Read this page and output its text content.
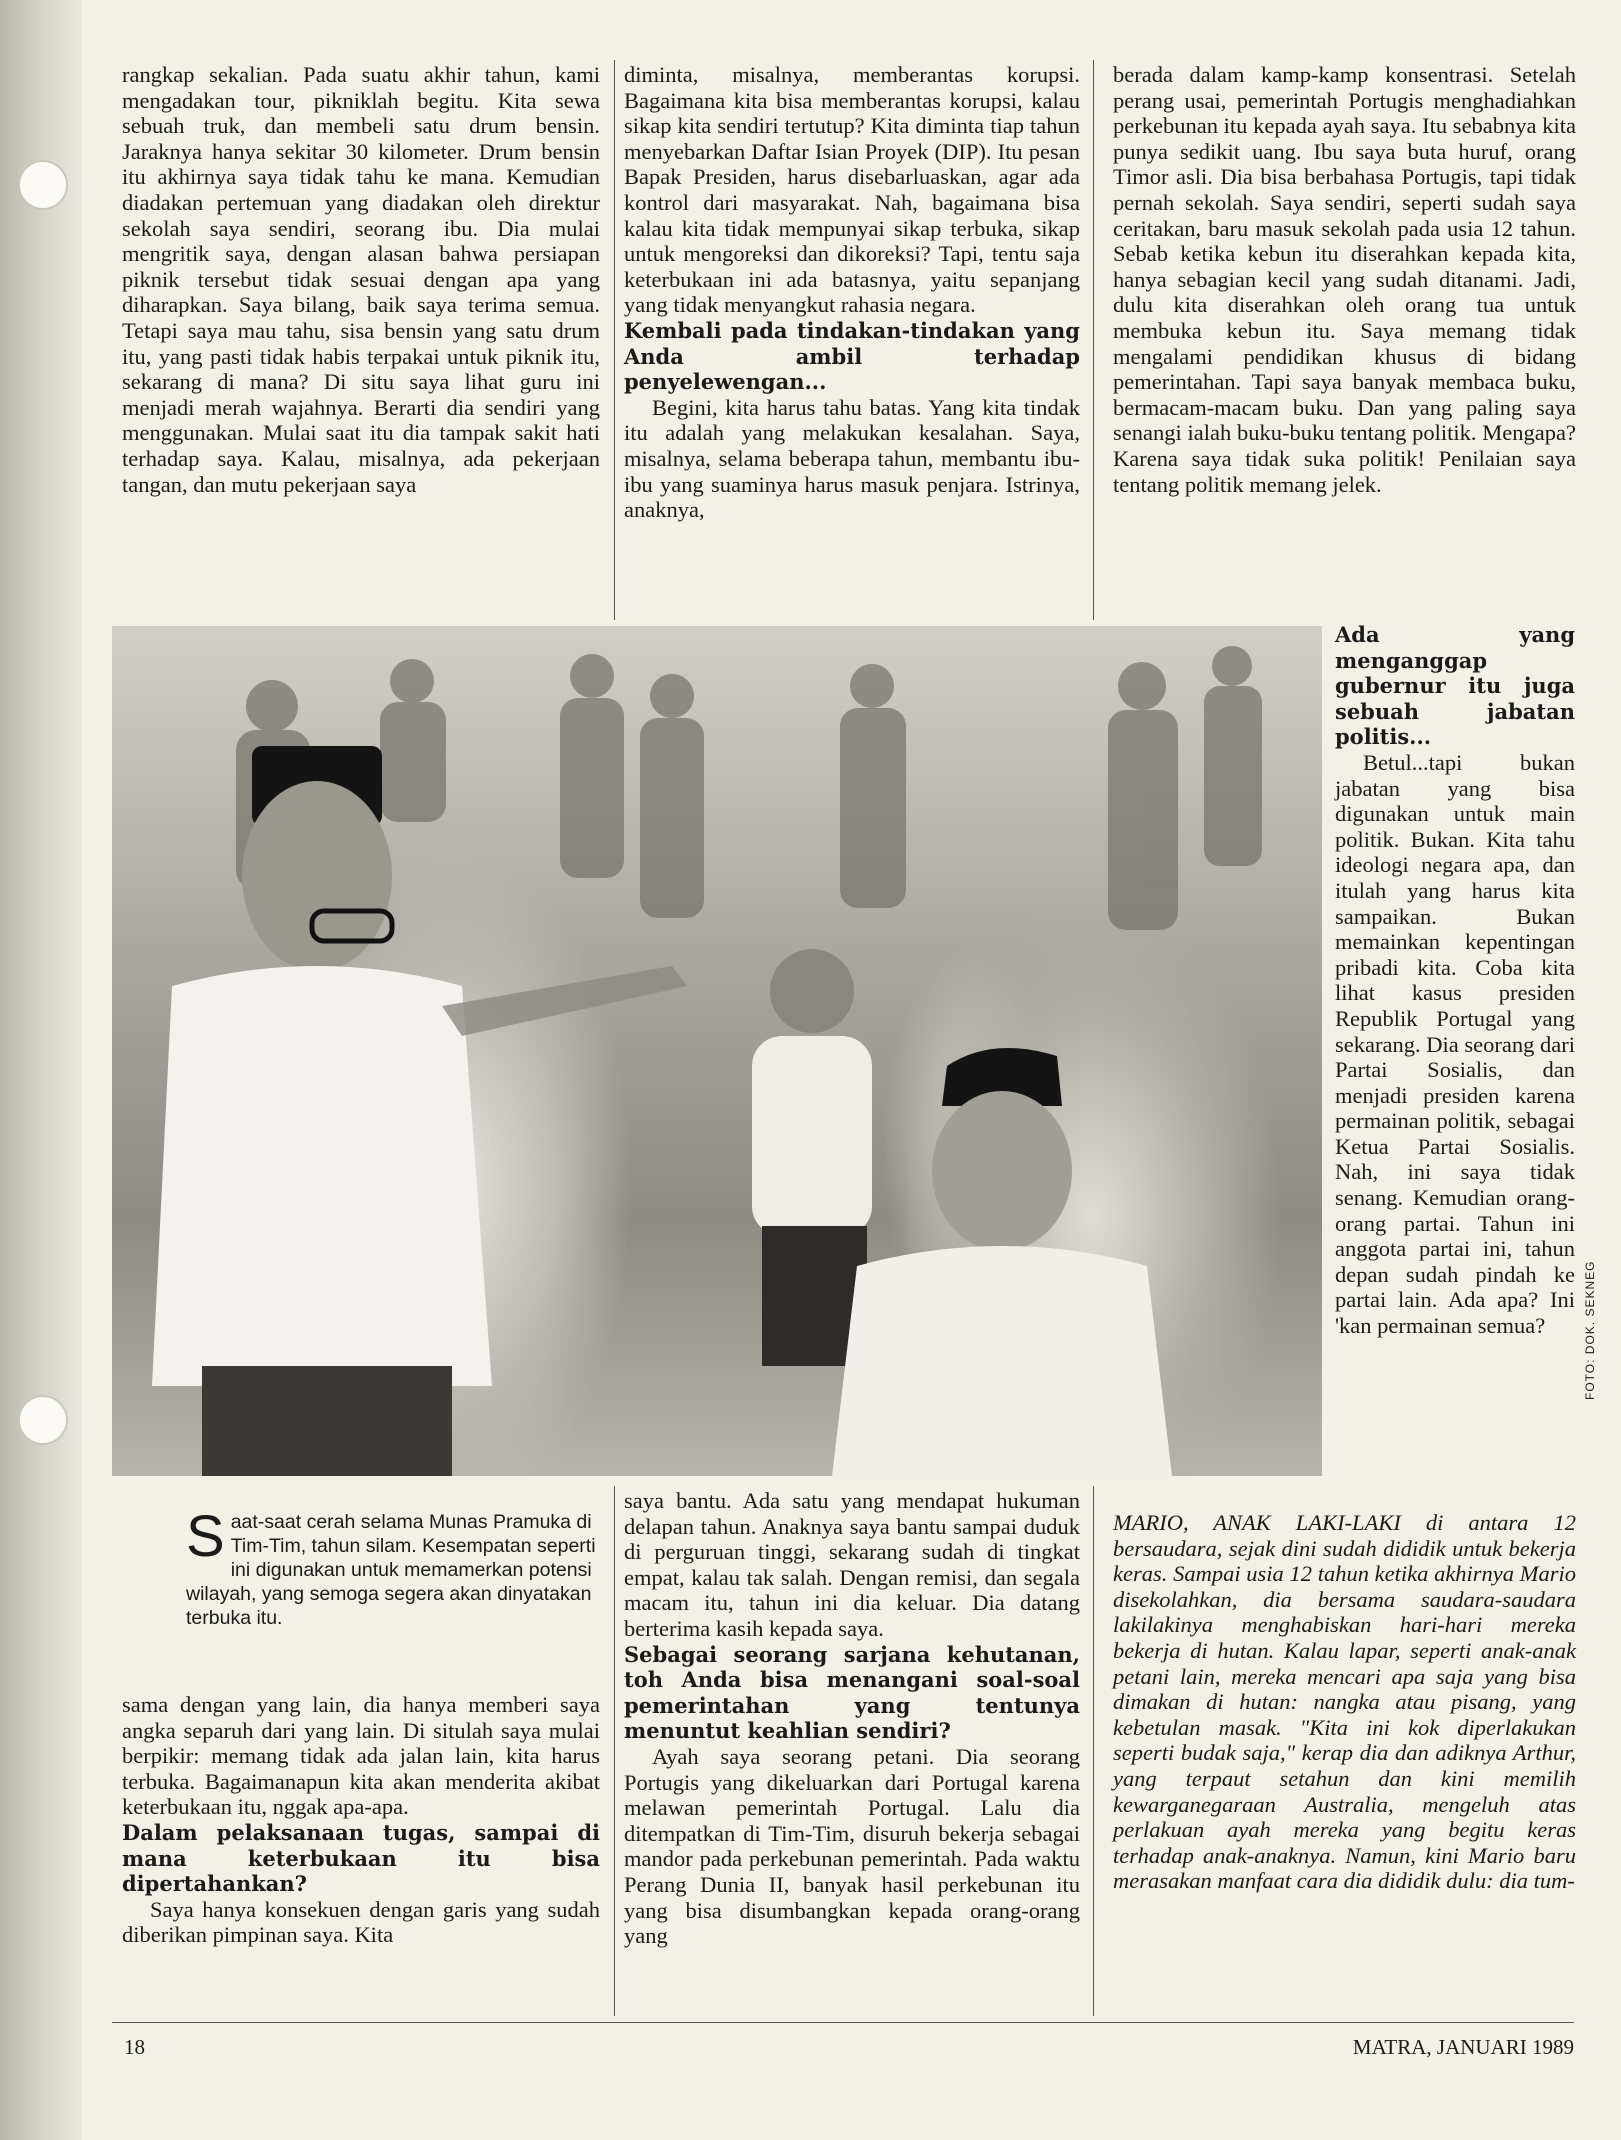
rangkap sekalian. Pada suatu akhir tahun, kami mengadakan tour, pikniklah begitu. Kita sewa sebuah truk, dan membeli satu drum bensin. Jaraknya hanya sekitar 30 kilometer. Drum bensin itu akhirnya saya tidak tahu ke mana. Kemudian diadakan pertemuan yang diadakan oleh direktur sekolah saya sendiri, seorang ibu. Dia mulai mengritik saya, dengan alasan bahwa persiapan piknik tersebut tidak sesuai dengan apa yang diharapkan. Saya bilang, baik saya terima semua. Tetapi saya mau tahu, sisa bensin yang satu drum itu, yang pasti tidak habis terpakai untuk piknik itu, sekarang di mana? Di situ saya lihat guru ini menjadi merah wajahnya. Berarti dia sendiri yang menggunakan. Mulai saat itu dia tampak sakit hati terhadap saya. Kalau, misalnya, ada pekerjaan tangan, dan mutu pekerjaan saya

diminta, misalnya, memberantas korupsi. Bagaimana kita bisa memberantas korupsi, kalau sikap kita sendiri tertutup? Kita diminta tiap tahun menyebarkan Daftar Isian Proyek (DIP). Itu pesan Bapak Presiden, harus disebarluaskan, agar ada kontrol dari masyarakat. Nah, bagaimana bisa kalau kita tidak mempunyai sikap terbuka, sikap untuk mengoreksi dan dikoreksi? Tapi, tentu saja keterbukaan ini ada batasnya, yaitu sepanjang yang tidak menyangkut rahasia negara.

Kembali pada tindakan-tindakan yang Anda ambil terhadap penyelewengan...

Begini, kita harus tahu batas. Yang kita tindak itu adalah yang melakukan kesalahan. Saya, misalnya, selama beberapa tahun, membantu ibu-ibu yang suaminya harus masuk penjara. Istrinya, anaknya,

berada dalam kamp-kamp konsentrasi. Setelah perang usai, pemerintah Portugis menghadiahkan perkebunan itu kepada ayah saya. Itu sebabnya kita punya sedikit uang. Ibu saya buta huruf, orang Timor asli. Dia bisa berbahasa Portugis, tapi tidak pernah sekolah. Saya sendiri, seperti sudah saya ceritakan, baru masuk sekolah pada usia 12 tahun. Sebab ketika kebun itu diserahkan kepada kita, hanya sebagian kecil yang sudah ditanami. Jadi, dulu kita diserahkan oleh orang tua untuk membuka kebun itu. Saya memang tidak mengalami pendidikan khusus di bidang pemerintahan. Tapi saya banyak membaca buku, bermacam-macam buku. Dan yang paling saya senangi ialah buku-buku tentang politik. Mengapa? Karena saya tidak suka politik! Penilaian saya tentang politik memang jelek.

Ada yang menganggap gubernur itu juga sebuah jabatan politis...

Betul...tapi bukan jabatan yang bisa digunakan untuk main politik. Bukan. Kita tahu ideologi negara apa, dan itulah yang harus kita sampaikan. Bukan memainkan kepentingan pribadi kita. Coba kita lihat kasus presiden Republik Portugal yang sekarang. Dia seorang dari Partai Sosialis, dan menjadi presiden karena permainan politik, sebagai Ketua Partai Sosialis. Nah, ini saya tidak senang. Kemudian orang-orang partai. Tahun ini anggota partai ini, tahun depan sudah pindah ke partai lain. Ada apa? Ini 'kan permainan semua?	FOTO: DOK. SEKNEG
Saat-saat cerah selama Munas Pramuka di Tim-Tim, tahun silam. Kesempatan seperti ini digunakan untuk memamerkan potensi wilayah, yang semoga segera akan dinyatakan terbuka itu.

sama dengan yang lain, dia hanya memberi saya angka separuh dari yang lain. Di situlah saya mulai berpikir: memang tidak ada jalan lain, kita harus terbuka. Bagaimanapun kita akan menderita akibat keterbukaan itu, nggak apa-apa.

Dalam pelaksanaan tugas, sampai di mana keterbukaan itu bisa dipertahankan?

Saya hanya konsekuen dengan garis yang sudah diberikan pimpinan saya. Kita

saya bantu. Ada satu yang mendapat hukuman delapan tahun. Anaknya saya bantu sampai duduk di perguruan tinggi, sekarang sudah di tingkat empat, kalau tak salah. Dengan remisi, dan segala macam itu, tahun ini dia keluar. Dia datang berterima kasih kepada saya.

Sebagai seorang sarjana kehutanan, toh Anda bisa menangani soal-soal pemerintahan yang tentunya menuntut keahlian sendiri?

Ayah saya seorang petani. Dia seorang Portugis yang dikeluarkan dari Portugal karena melawan pemerintah Portugal. Lalu dia ditempatkan di Tim-Tim, disuruh bekerja sebagai mandor pada perkebunan pemerintah. Pada waktu Perang Dunia II, banyak hasil perkebunan itu yang bisa disumbangkan kepada orang-orang yang

MARIO, ANAK LAKI-LAKI di antara 12 bersaudara, sejak dini sudah dididik untuk bekerja keras. Sampai usia 12 tahun ketika akhirnya Mario disekolahkan, dia bersama saudara-saudara lakilakinya menghabiskan hari-hari mereka bekerja di hutan. Kalau lapar, seperti anak-anak petani lain, mereka mencari apa saja yang bisa dimakan di hutan: nangka atau pisang, yang kebetulan masak. "Kita ini kok diperlakukan seperti budak saja," kerap dia dan adiknya Arthur, yang terpaut setahun dan kini memilih kewarganegaraan Australia, mengeluh atas perlakuan ayah mereka yang begitu keras terhadap anak-anaknya. Namun, kini Mario baru merasakan manfaat cara dia dididik dulu: dia tum-

18	MATRA, JANUARI 1989
